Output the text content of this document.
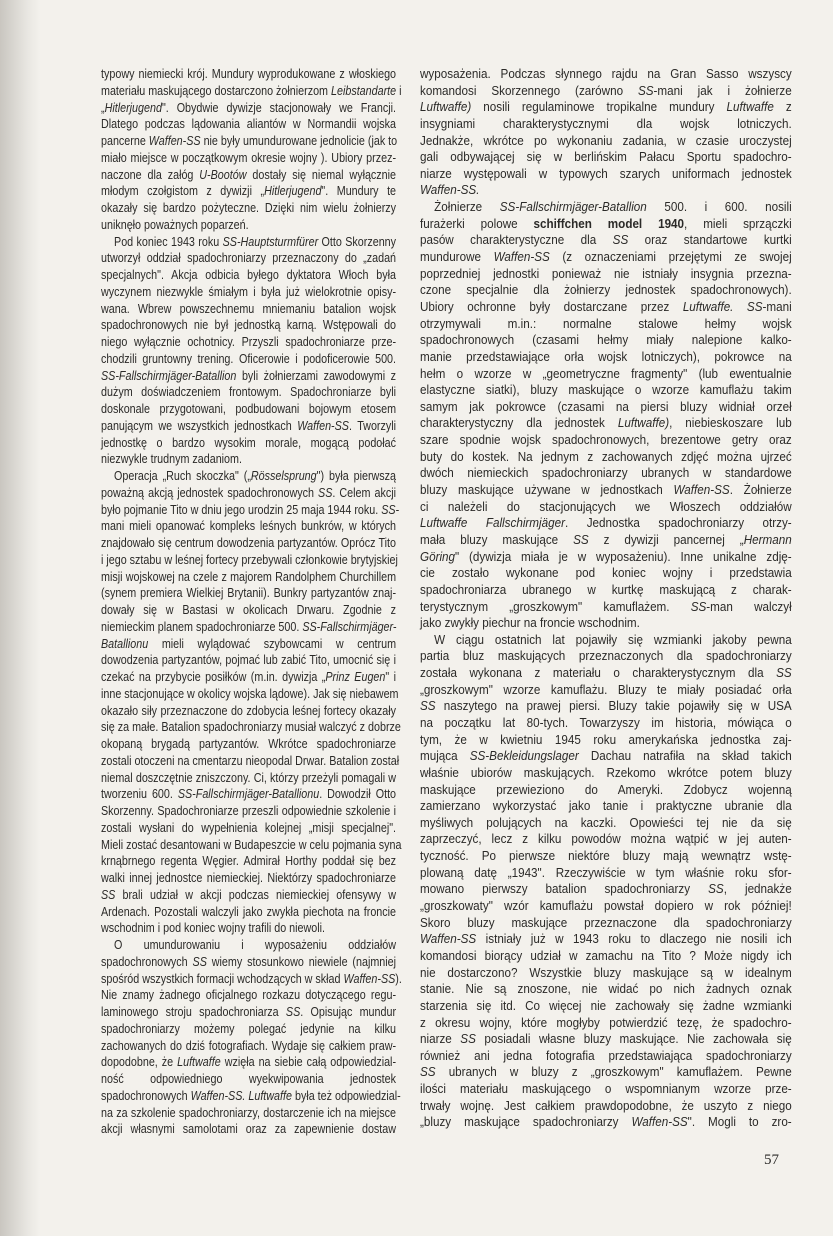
typowy niemiecki krój. Mundury wyprodukowane z włoskiego
materiału maskującego dostarczono żołnierzom Leibstandarte i
„Hitlerjugend". Obydwie dywizje stacjonowały we Francji.
Dlatego podczas lądowania aliantów w Normandii wojska
pancerne Waffen-SS nie były umundurowane jednolicie (jak to
miało miejsce w początkowym okresie wojny ). Ubiory przez-
naczone dla załóg U-Bootów dostały się niemal wyłącznie
młodym czołgistom z dywizji „Hitlerjugend". Mundury te
okazały się bardzo pożyteczne. Dzięki nim wielu żołnierzy
uniknęło poważnych poparzeń.
Pod koniec 1943 roku SS-Hauptsturmfürer Otto Skorzenny
utworzył oddział spadochroniarzy przeznaczony do „zadań
specjalnych". Akcja odbicia byłego dyktatora Włoch była
wyczynem niezwykle śmiałym i była już wielokrotnie opisy-
wana. Wbrew powszechnemu mniemaniu batalion wojsk
spadochronowych nie był jednostką karną. Wstępowali do
niego wyłącznie ochotnicy. Przyszli spadochroniarze prze-
chodzili gruntowny trening. Oficerowie i podoficerowie 500.
SS-Fallschirmjäger-Batallion byli żołnierzami zawodowymi z
dużym doświadczeniem frontowym. Spadochroniarze byli
doskonale przygotowani, podbudowani bojowym etosem
panującym we wszystkich jednostkach Waffen-SS. Tworzyli
jednostkę o bardzo wysokim morale, mogącą podołać
niezwykle trudnym zadaniom.
Operacja „Ruch skoczka" („Rösselsprung") była pierwszą
poważną akcją jednostek spadochronowych SS. Celem akcji
było pojmanie Tito w dniu jego urodzin 25 maja 1944 roku. SS-
mani mieli opanować kompleks leśnych bunkrów, w których
znajdowało się centrum dowodzenia partyzantów. Oprócz Tito
i jego sztabu w leśnej fortecy przebywali członkowie brytyjskiej
misji wojskowej na czele z majorem Randolphem Churchillem
(synem premiera Wielkiej Brytanii). Bunkry partyzantów znaj-
dowały się w Bastasi w okolicach Drwaru. Zgodnie z
niemieckim planem spadochroniarze 500. SS-Fallschirmjäger-
Batallionu mieli wylądować szybowcami w centrum
dowodzenia partyzantów, pojmać lub zabić Tito, umocnić się i
czekać na przybycie posiłków (m.in. dywizja „Prinz Eugen" i
inne stacjonujące w okolicy wojska lądowe). Jak się niebawem
okazało siły przeznaczone do zdobycia leśnej fortecy okazały
się za małe. Batalion spadochroniarzy musiał walczyć z dobrze
okopaną brygadą partyzantów. Wkrótce spadochroniarze
zostali otoczeni na cmentarzu nieopodal Drwar. Batalion został
niemal doszczętnie zniszczony. Ci, którzy przeżyli pomagali w
tworzeniu 600. SS-Fallschirmjäger-Batallionu. Dowodził Otto
Skorzenny. Spadochroniarze przeszli odpowiednie szkolenie i
zostali wysłani do wypełnienia kolejnej „misji specjalnej".
Mieli zostać desantowani w Budapeszcie w celu pojmania syna
krnąbrnego regenta Węgier. Admirał Horthy poddał się bez
walki innej jednostce niemieckiej. Niektórzy spadochroniarze
SS brali udział w akcji podczas niemieckiej ofensywy w
Ardenach. Pozostali walczyli jako zwykła piechota na froncie
wschodnim i pod koniec wojny trafili do niewoli.
O umundurowaniu i wyposażeniu oddziałów
spadochronowych SS wiemy stosunkowo niewiele (najmniej
spośród wszystkich formacji wchodzących w skład Waffen-SS).
Nie znamy żadnego oficjalnego rozkazu dotyczącego regu-
laminowego stroju spadochroniarza SS. Opisując mundur
spadochroniarzy możemy polegać jedynie na kilku
zachowanych do dziś fotografiach. Wydaje się całkiem praw-
dopodobne, że Luftwaffe wzięła na siebie całą odpowiedzial-
ność odpowiedniego wyekwipowania jednostek
spadochronowych Waffen-SS. Luftwaffe była też odpowiedzial-
na za szkolenie spadochroniarzy, dostarczenie ich na miejsce
akcji własnymi samolotami oraz za zapewnienie dostaw
wyposażenia. Podczas słynnego rajdu na Gran Sasso wszyscy
komandosi Skorzennego (zarówno SS-mani jak i żołnierze
Luftwaffe) nosili regulaminowe tropikalne mundury Luftwaffe z
insygniami charakterystycznymi dla wojsk lotniczych.
Jednakże, wkrótce po wykonaniu zadania, w czasie uroczystej
gali odbywającej się w berlińskim Pałacu Sportu spadochro-
niarze występowali w typowych szarych uniformach jednostek
Waffen-SS.
Żołnierze SS-Fallschirmjäger-Batallion 500. i 600. nosili
furażerki polowe schiffchen model 1940, mieli sprzączki
pasów charakterystyczne dla SS oraz standartowe kurtki
mundurowe Waffen-SS (z oznaczeniami przejętymi ze swojej
poprzedniej jednostki ponieważ nie istniały insygnia przezna-
czone specjalnie dla żołnierzy jednostek spadochronowych).
Ubiory ochronne były dostarczane przez Luftwaffe. SS-mani
otrzymywali m.in.: normalne stalowe hełmy wojsk
spadochronowych (czasami hełmy miały nalepione kalko-
manie przedstawiające orła wojsk lotniczych), pokrowce na
hełm o wzorze w „geometryczne fragmenty" (lub ewentualnie
elastyczne siatki), bluzy maskujące o wzorze kamuflażu takim
samym jak pokrowce (czasami na piersi bluzy widniał orzeł
charakterystyczny dla jednostek Luftwaffe), niebieskoszare lub
szare spodnie wojsk spadochronowych, brezentowe getry oraz
buty do kostek. Na jednym z zachowanych zdjęć można ujrzeć
dwóch niemieckich spadochroniarzy ubranych w standardowe
bluzy maskujące używane w jednostkach Waffen-SS. Żołnierze
ci należeli do stacjonujących we Włoszech oddziałów
Luftwaffe Fallschirmjäger. Jednostka spadochroniarzy otrzy-
mała bluzy maskujące SS z dywizji pancernej „Hermann
Göring" (dywizja miała je w wyposażeniu). Inne unikalne zdję-
cie zostało wykonane pod koniec wojny i przedstawia
spadochroniarza ubranego w kurtkę maskującą z charak-
terystycznym „groszkowym" kamuflażem. SS-man walczył
jako zwykły piechur na froncie wschodnim.
W ciągu ostatnich lat pojawiły się wzmianki jakoby pewna
partia bluz maskujących przeznaczonych dla spadochroniarzy
została wykonana z materiału o charakterystycznym dla SS
„groszkowym" wzorze kamuflażu. Bluzy te miały posiadać orła
SS naszytego na prawej piersi. Bluzy takie pojawiły się w USA
na początku lat 80-tych. Towarzyszy im historia, mówiąca o
tym, że w kwietniu 1945 roku amerykańska jednostka zaj-
mująca SS-Bekleidungslager Dachau natrafiła na skład takich
właśnie ubiorów maskujących. Rzekomo wkrótce potem bluzy
maskujące przewieziono do Ameryki. Zdobycz wojenną
zamierzano wykorzystać jako tanie i praktyczne ubranie dla
myśliwych polujących na kaczki. Opowieści tej nie da się
zaprzeczyć, lecz z kilku powodów można wątpić w jej auten-
tyczność. Po pierwsze niektóre bluzy mają wewnątrz wstę-
plowaną datę „1943". Rzeczywiście w tym właśnie roku sfor-
mowano pierwszy batalion spadochroniarzy SS, jednakże
„groszkowaty" wzór kamuflażu powstał dopiero w rok później!
Skoro bluzy maskujące przeznaczone dla spadochroniarzy
Waffen-SS istniały już w 1943 roku to dlaczego nie nosili ich
komandosi biorący udział w zamachu na Tito ? Może nigdy ich
nie dostarczono? Wszystkie bluzy maskujące są w idealnym
stanie. Nie są znoszone, nie widać po nich żadnych oznak
starzenia się itd. Co więcej nie zachowały się żadne wzmianki
z okresu wojny, które mogłyby potwierdzić tezę, że spadochro-
niarze SS posiadali własne bluzy maskujące. Nie zachowała się
również ani jedna fotografia przedstawiająca spadochroniarzy
SS ubranych w bluzy z „groszkowym" kamuflażem. Pewne
ilości materiału maskującego o wspomnianym wzorze prze-
trwały wojnę. Jest całkiem prawdopodobne, że uszyto z niego
„bluzy maskujące spadochroniarzy Waffen-SS". Mogli to zro-
57
